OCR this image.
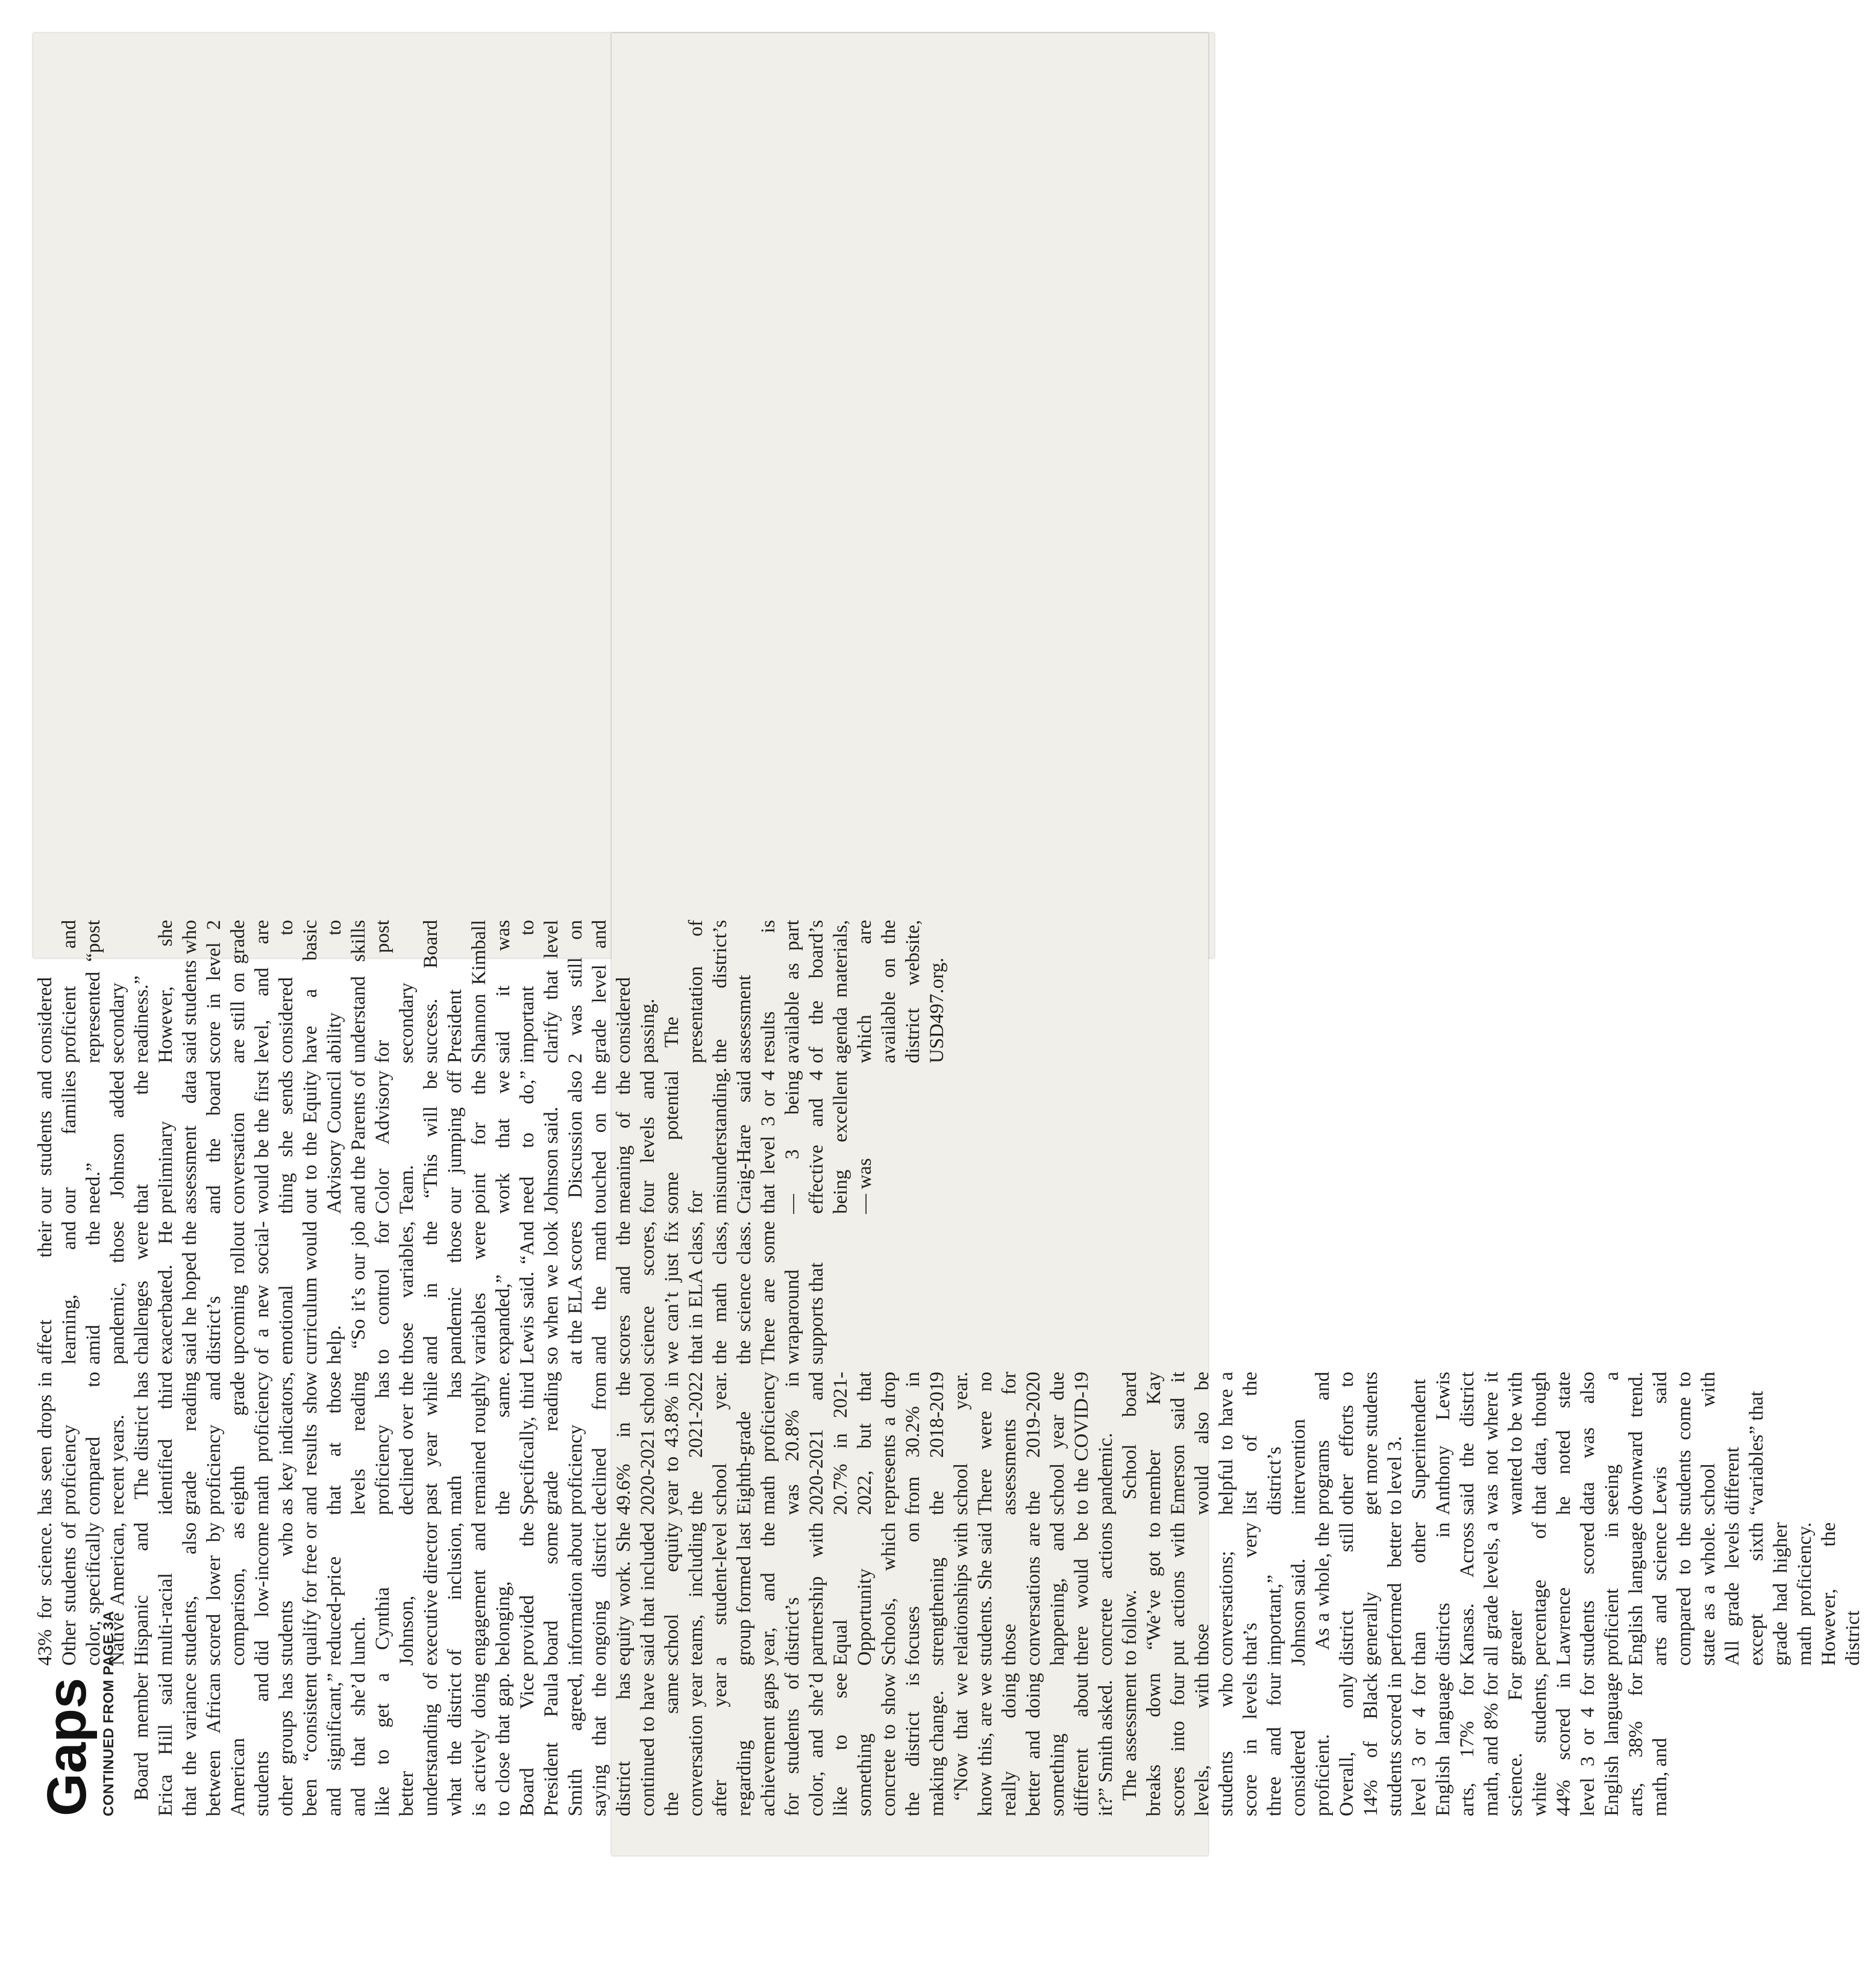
Gaps CONTINUED FROM PAGE 3A Board member Erica Hill said that the variance between African American students and other groups has been “consistent and significant,” and that she’d like to get a better understanding of what the district is actively doing to close that gap. Board Vice President Paula Smith agreed, saying that the district has continued to have the same conversation year after year regarding achievement gaps for students of color, and she’d like to see something concrete to show the district is making change. “Now that we know this, are we really doing better and doing something different about it?” Smith asked. The assessment breaks down scores into four levels, with students who score in levels three and four considered proficient. Overall, only 14% of Black students scored in level 3 or 4 for English language arts, 17% for math, and 8% for science. For white students, 44% scored in level 3 or 4 for English language arts, 38% for math, and

43% for science. Other students of color, specifically Native American, Hispanic and multi-racial students, also scored lower by comparison, as did low-income students who qualify for free or reduced-price lunch. Cynthia Johnson, executive director of inclusion, engagement and belonging, provided the board some information about ongoing district equity work. She said that included school equity teams, including a student-level group formed last year, and the district’s partnership with Equal Opportunity Schools, which focuses on strengthening relationships with students. She said those conversations are happening, and there would be concrete actions to follow. “We’ve got to put actions with those conversations; that’s very important,” Johnson said. As a whole, the district still generally performed better than other districts in Kansas. Across all grade levels, a greater percentage of Lawrence students scored proficient in English language arts and science compared to the state as a whole. All grade levels except sixth grade had higher math proficiency. However, the district

has seen drops in proficiency compared to recent years. The district has identified third grade reading proficiency and eighth grade math proficiency as key indicators, and results show that at those levels reading proficiency has declined over the past year while math has remained roughly the same. Specifically, third grade reading proficiency declined from 49.6% in the 2020-2021 school year to 43.8% in the 2021-2022 school year. Eighth-grade math proficiency was 20.8% in 2020-2021 and 20.7% in 2021-2022, but that represents a drop from 30.2% in the 2018-2019 school year. There were no assessments for the 2019-2020 school year due to the COVID-19 pandemic. School board member Kay Emerson said it would also be helpful to have a list of the district’s intervention programs and other efforts to get more students to level 3. Superintendent Anthony Lewis said the district was not where it wanted to be with that data, though he noted state data was also seeing a downward trend. Lewis said students come to school with different “variables” that

affect their learning, and amid the pandemic, those challenges were exacerbated. He said he hoped the district’s upcoming rollout of a new social-emotional curriculum would help. “So it’s our job to control for those variables, and in the pandemic those variables were expanded,” Lewis said. “And so when we look at the ELA scores and the math scores and the science scores, we can’t just fix that in ELA class, the math class, the science class. There are some wraparound supports that

our students and our families need.” Johnson added that the preliminary assessment data and the board conversation would be the first thing she sends out to the Equity Advisory Council and the Parents of Color Advisory Team. “This will be our jumping off point for the work that we need to do,” Johnson said. Discussion also touched on the meaning of the four levels and some potential for misunderstanding. Craig-Hare said that level 3 or 4 — 3 being effective and 4 being excellent — was

considered proficient and represented “post secondary readiness.” However, she said students who score in level 2 are still on grade level, and are considered to have a basic ability to understand skills for post secondary success. Board President Shannon Kimball said it was important to clarify that level 2 was still on grade level and considered passing. The presentation of the district’s assessment results is available as part of the board’s agenda materials, which are available on the district website, USD497.org.
